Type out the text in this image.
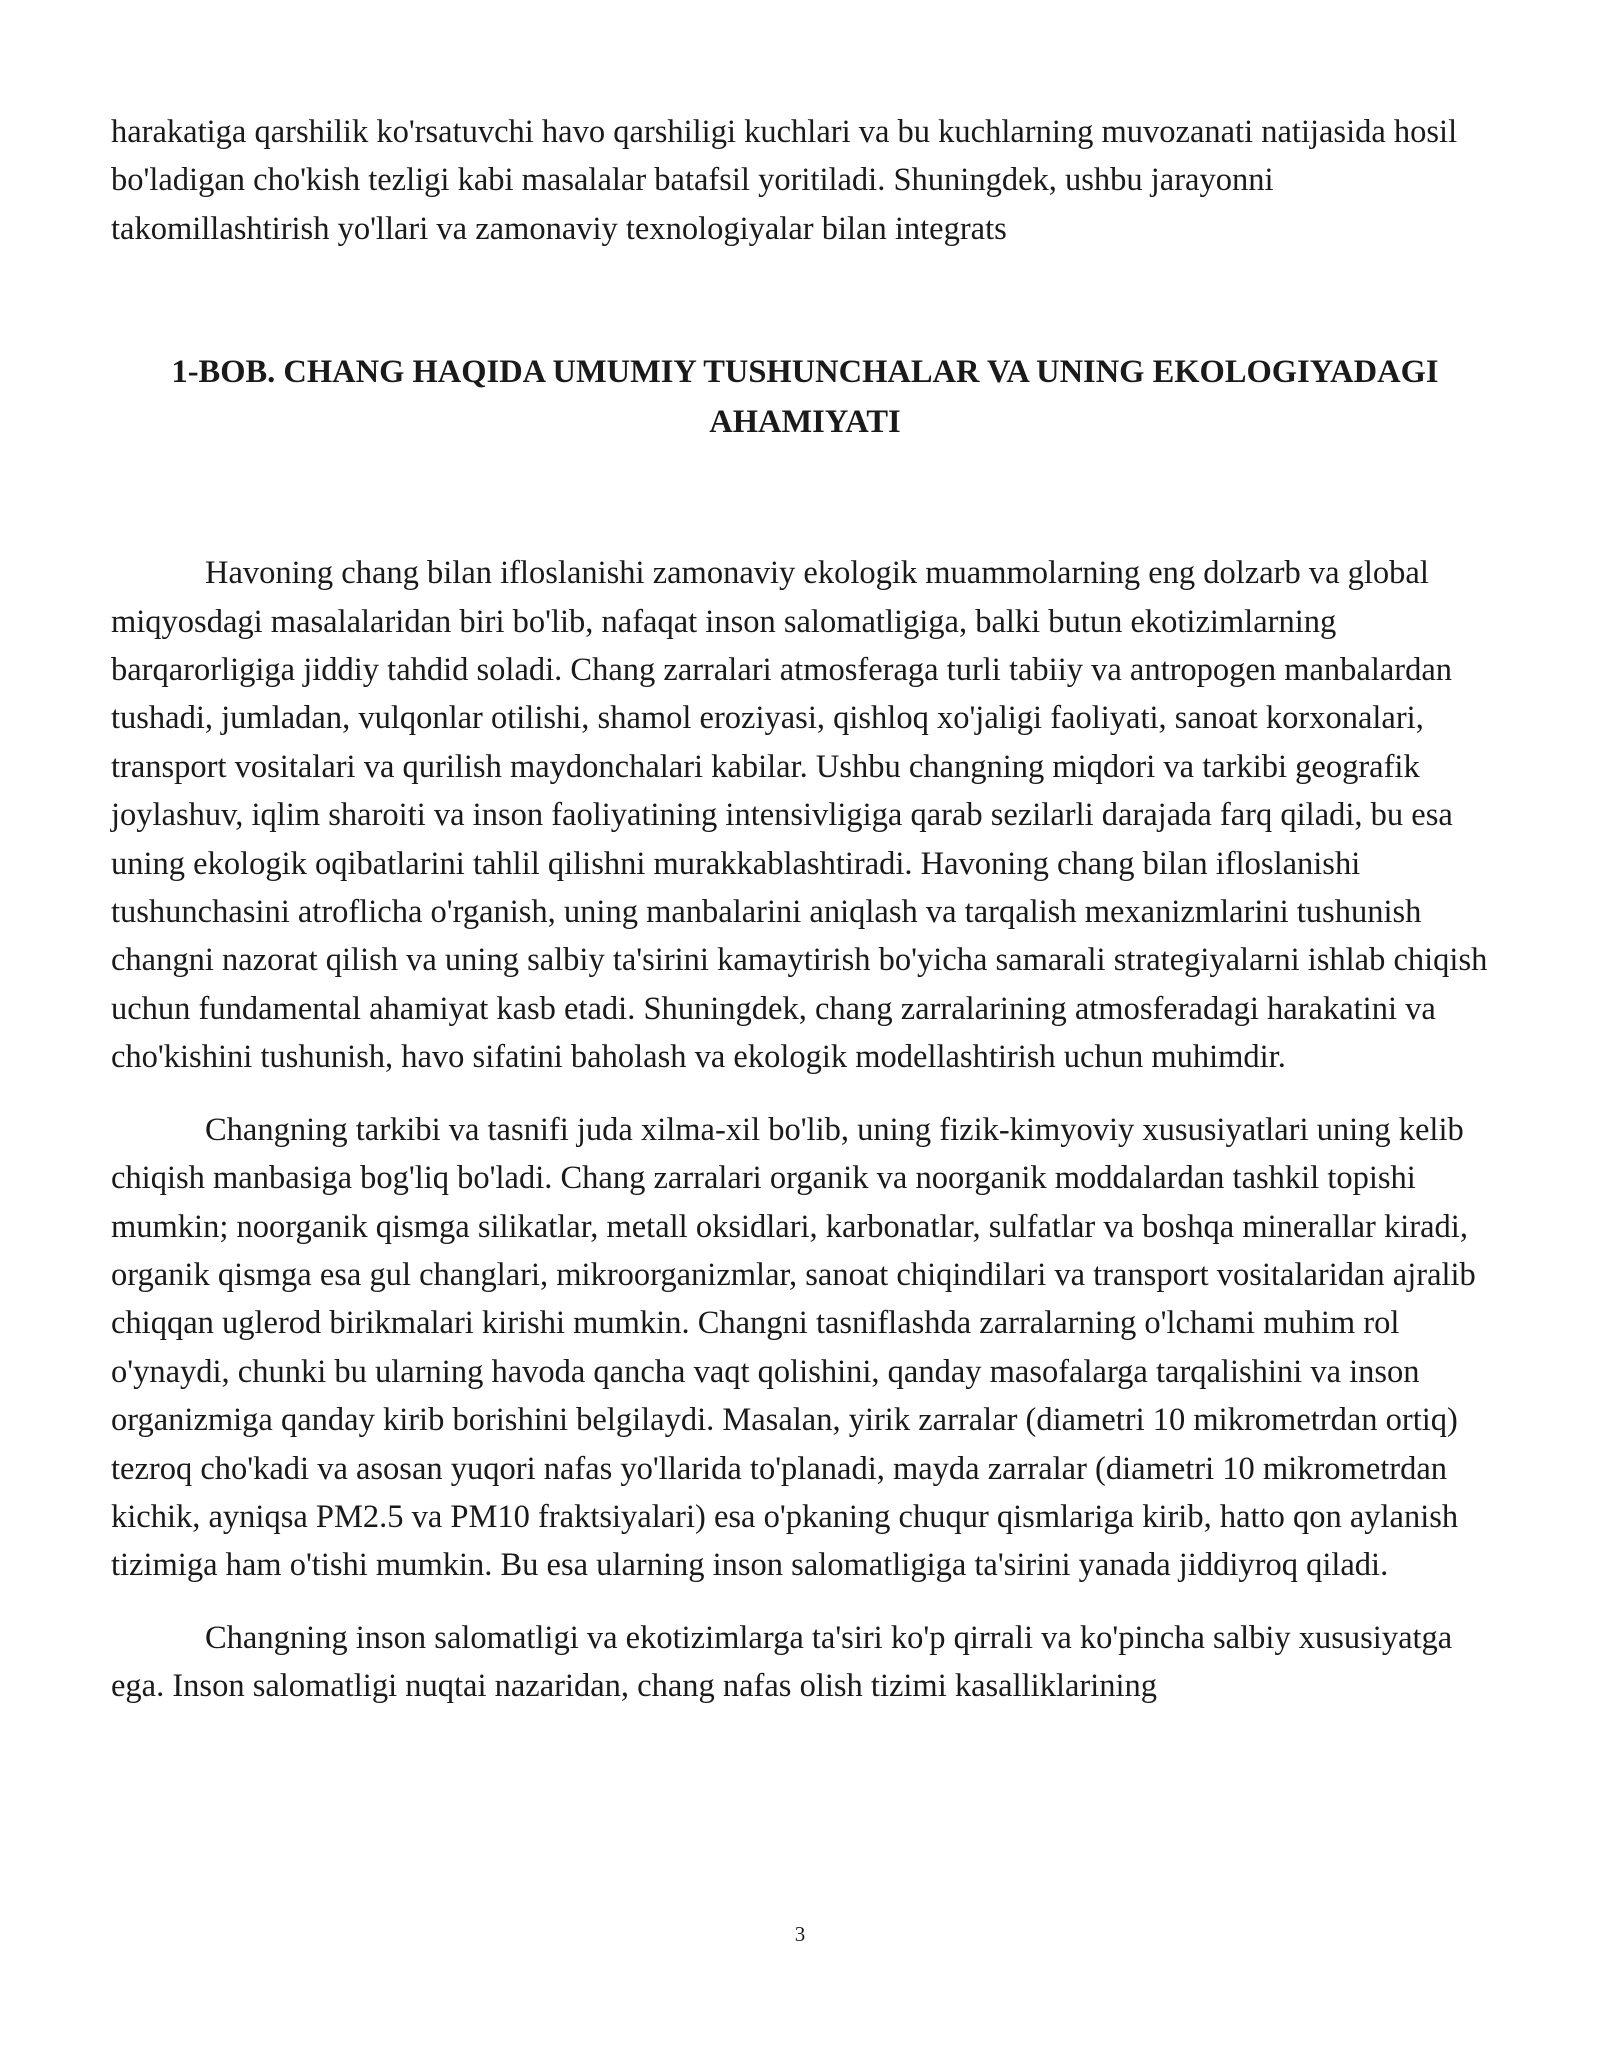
harakatiga qarshilik ko'rsatuvchi havo qarshiligi kuchlari va bu kuchlarning muvozanati natijasida hosil bo'ladigan cho'kish tezligi kabi masalalar batafsil yoritiladi. Shuningdek, ushbu jarayonni takomillashtirish yo'llari va zamonaviy texnologiyalar bilan integrats

1-BOB. CHANG HAQIDA UMUMIY TUSHUNCHALAR VA UNING EKOLOGIYADAGI AHAMIYATI

Havoning chang bilan ifloslanishi zamonaviy ekologik muammolarning eng dolzarb va global miqyosdagi masalalaridan biri bo'lib, nafaqat inson salomatligiga, balki butun ekotizimlarning barqarorligiga jiddiy tahdid soladi. Chang zarralari atmosferaga turli tabiiy va antropogen manbalardan tushadi, jumladan, vulqonlar otilishi, shamol eroziyasi, qishloq xo'jaligi faoliyati, sanoat korxonalari, transport vositalari va qurilish maydonchalari kabilar. Ushbu changning miqdori va tarkibi geografik joylashuv, iqlim sharoiti va inson faoliyatining intensivligiga qarab sezilarli darajada farq qiladi, bu esa uning ekologik oqibatlarini tahlil qilishni murakkablashtiradi. Havoning chang bilan ifloslanishi tushunchasini atroflicha o'rganish, uning manbalarini aniqlash va tarqalish mexanizmlarini tushunish changni nazorat qilish va uning salbiy ta'sirini kamaytirish bo'yicha samarali strategiyalarni ishlab chiqish uchun fundamental ahamiyat kasb etadi. Shuningdek, chang zarralarining atmosferadagi harakatini va cho'kishini tushunish, havo sifatini baholash va ekologik modellashtirish uchun muhimdir.

Changning tarkibi va tasnifi juda xilma-xil bo'lib, uning fizik-kimyoviy xususiyatlari uning kelib chiqish manbasiga bog'liq bo'ladi. Chang zarralari organik va noorganik moddalardan tashkil topishi mumkin; noorganik qismga silikatlar, metall oksidlari, karbonatlar, sulfatlar va boshqa minerallar kiradi, organik qismga esa gul changlari, mikroorganizmlar, sanoat chiqindilari va transport vositalaridan ajralib chiqqan uglerod birikmalari kirishi mumkin. Changni tasniflashda zarralarning o'lchami muhim rol o'ynaydi, chunki bu ularning havoda qancha vaqt qolishini, qanday masofalarga tarqalishini va inson organizmiga qanday kirib borishini belgilaydi. Masalan, yirik zarralar (diametri 10 mikrometrdan ortiq) tezroq cho'kadi va asosan yuqori nafas yo'llarida to'planadi, mayda zarralar (diametri 10 mikrometrdan kichik, ayniqsa PM2.5 va PM10 fraktsiyalari) esa o'pkaning chuqur qismlariga kirib, hatto qon aylanish tizimiga ham o'tishi mumkin. Bu esa ularning inson salomatligiga ta'sirini yanada jiddiyroq qiladi.

Changning inson salomatligi va ekotizimlarga ta'siri ko'p qirrali va ko'pincha salbiy xususiyatga ega. Inson salomatligi nuqtai nazaridan, chang nafas olish tizimi kasalliklarining

3
